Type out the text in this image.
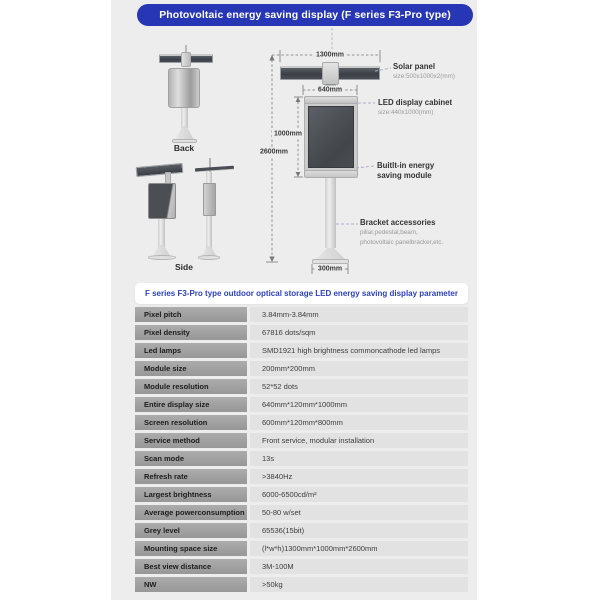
Photovoltaic energy saving display (F series F3-Pro type)
Back
Side
1300mm
640mm
1000mm
2600mm
300mm
Solar panel
size:500x1000x2(mm)
LED display cabinet
size:440x1000(mm)
Buitlt-in energy saving module
Bracket accessories
pillar,pedestal,beam,
photovoltaic panelbracker,etc.
F series F3-Pro type outdoor optical storage LED energy saving display parameter
Pixel pitch	3.84mm-3.84mm
Pixel density	67816 dots/sqm
Led lamps	SMD1921 high brightness commoncathode led lamps
Module size	200mm*200mm
Module resolution	52*52 dots
Entire display size	640mm*120mm*1000mm
Screen resolution	600mm*120mm*800mm
Service method	Front service, modular installation
Scan mode	13s
Refresh rate	>3840Hz
Largest brightness	6000-6500cd/m²
Average powerconsumption	50-80 w/set
Grey level	65536(15bit)
Mounting space size	(l*w*h)1300mm*1000mm*2600mm
Best view distance	3M-100M
NW	>50kg
